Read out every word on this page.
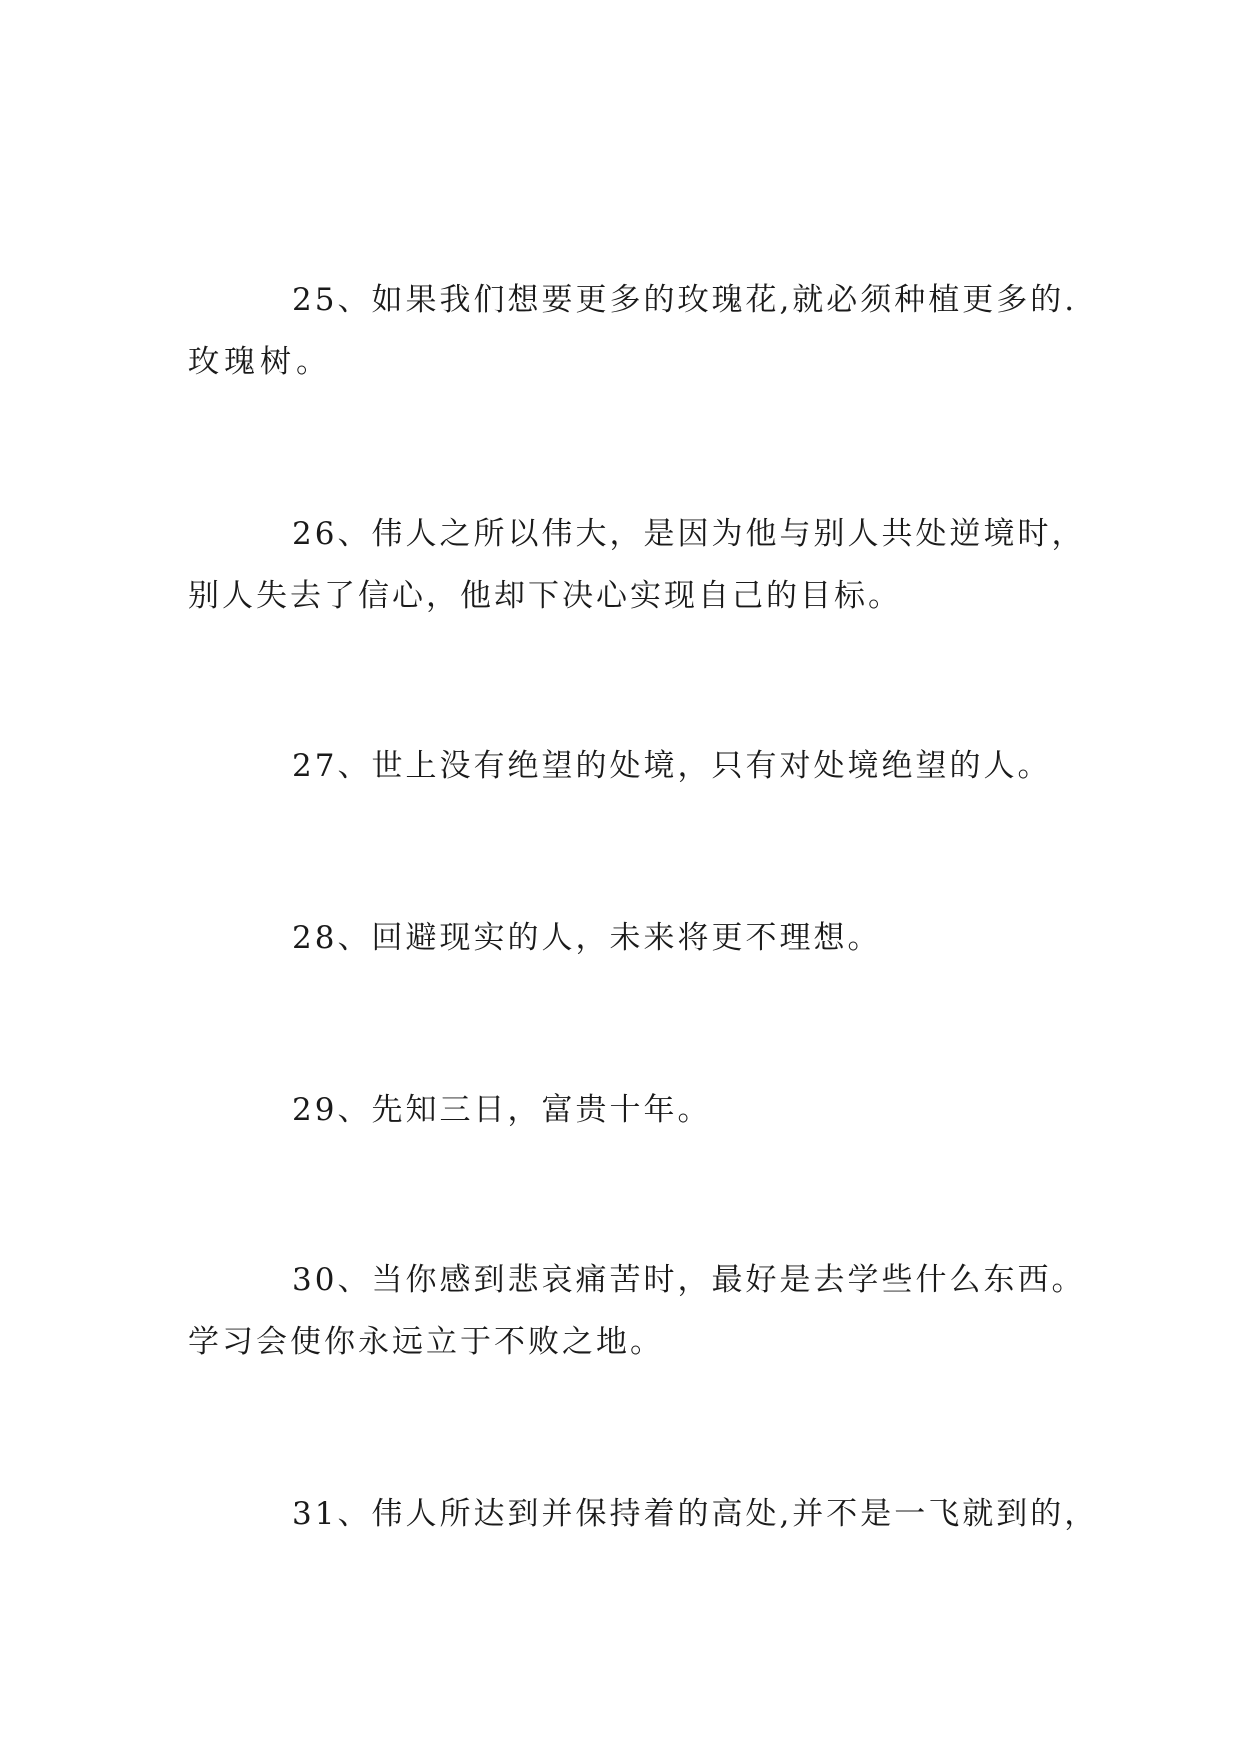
25、如果我们想要更多的玫瑰花,就必须种植更多的.
玫瑰树。
26、伟人之所以伟大，是因为他与别人共处逆境时，
别人失去了信心，他却下决心实现自己的目标。
27、世上没有绝望的处境，只有对处境绝望的人。
28、回避现实的人，未来将更不理想。
29、先知三日，富贵十年。
30、当你感到悲哀痛苦时，最好是去学些什么东西。
学习会使你永远立于不败之地。
31、伟人所达到并保持着的高处,并不是一飞就到的，
